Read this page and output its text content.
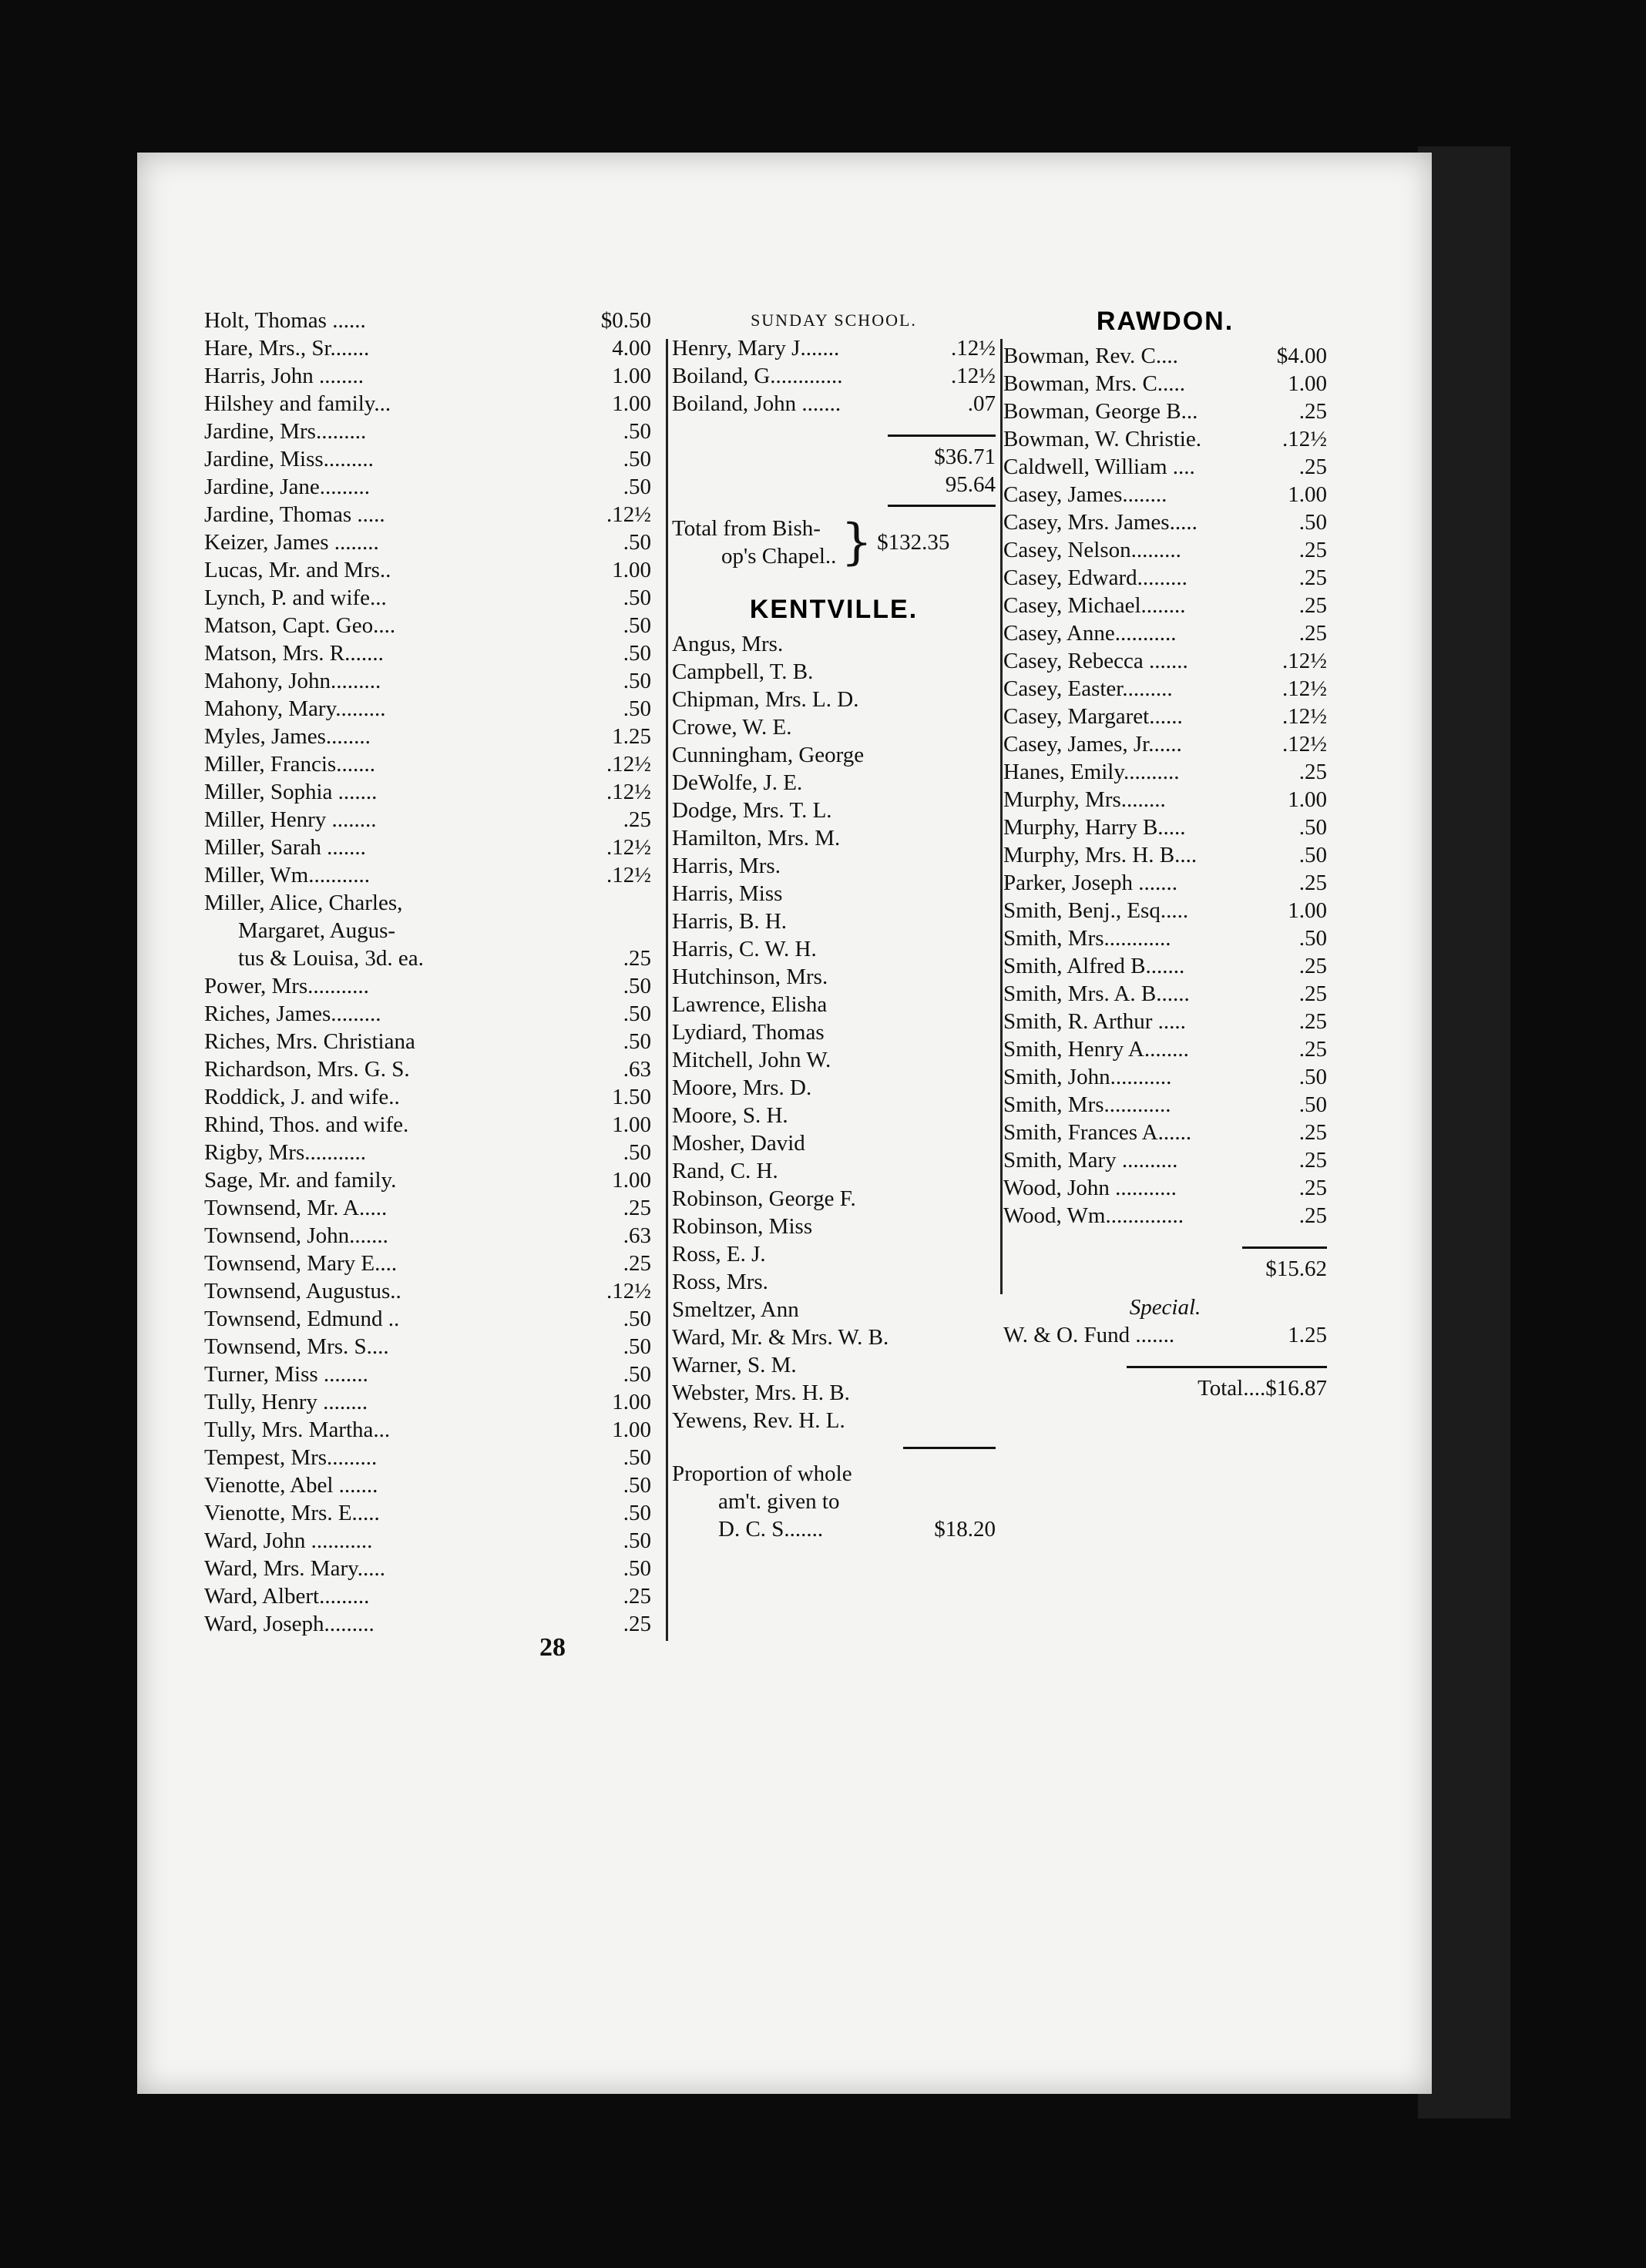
Holt, Thomas ......	$0.50
Hare, Mrs., Sr.......	4.00
Harris, John ........	1.00
Hilshey and family...	1.00
Jardine, Mrs.........	.50
Jardine, Miss.........	.50
Jardine, Jane.........	.50
Jardine, Thomas .....	.12½
Keizer, James ........	.50
Lucas, Mr. and Mrs..	1.00
Lynch, P. and wife...	.50
Matson, Capt. Geo....	.50
Matson, Mrs. R.......	.50
Mahony, John.........	.50
Mahony, Mary.........	.50
Myles, James........	1.25
Miller, Francis.......	.12½
Miller, Sophia .......	.12½
Miller, Henry ........	.25
Miller, Sarah .......	.12½
Miller, Wm...........	.12½
Miller, Alice, Charles,
Margaret, Augus-
tus & Louisa, 3d. ea.	.25
Power, Mrs...........	.50
Riches, James.........	.50
Riches, Mrs. Christiana	.50
Richardson, Mrs. G. S.	.63
Roddick, J. and wife..	1.50
Rhind, Thos. and wife.	1.00
Rigby, Mrs...........	.50
Sage, Mr. and family.	1.00
Townsend, Mr. A.....	.25
Townsend, John.......	.63
Townsend, Mary E....	.25
Townsend, Augustus..	.12½
Townsend, Edmund ..	.50
Townsend, Mrs. S....	.50
Turner, Miss ........	.50
Tully, Henry ........	1.00
Tully, Mrs. Martha...	1.00
Tempest, Mrs.........	.50
Vienotte, Abel .......	.50
Vienotte, Mrs. E.....	.50
Ward, John ...........	.50
Ward, Mrs. Mary.....	.50
Ward, Albert.........	.25
Ward, Joseph.........	.25
SUNDAY SCHOOL.
Henry, Mary J.......	.12½
Boiland, G.............	.12½
Boiland, John .......	.07
$36.71
95.64
Total from Bish-
op's Chapel.. } $132.35
KENTVILLE.
Angus, Mrs.
Campbell, T. B.
Chipman, Mrs. L. D.
Crowe, W. E.
Cunningham, George
DeWolfe, J. E.
Dodge, Mrs. T. L.
Hamilton, Mrs. M.
Harris, Mrs.
Harris, Miss
Harris, B. H.
Harris, C. W. H.
Hutchinson, Mrs.
Lawrence, Elisha
Lydiard, Thomas
Mitchell, John W.
Moore, Mrs. D.
Moore, S. H.
Mosher, David
Rand, C. H.
Robinson, George F.
Robinson, Miss
Ross, E. J.
Ross, Mrs.
Smeltzer, Ann
Ward, Mr. & Mrs. W. B.
Warner, S. M.
Webster, Mrs. H. B.
Yewens, Rev. H. L.
Proportion of whole
am't. given to
D. C. S.......	$18.20
RAWDON.
Bowman, Rev. C....	$4.00
Bowman, Mrs. C.....	1.00
Bowman, George B...	.25
Bowman, W. Christie.	.12½
Caldwell, William ....	.25
Casey, James........	1.00
Casey, Mrs. James.....	.50
Casey, Nelson.........	.25
Casey, Edward.........	.25
Casey, Michael........	.25
Casey, Anne...........	.25
Casey, Rebecca .......	.12½
Casey, Easter.........	.12½
Casey, Margaret......	.12½
Casey, James, Jr......	.12½
Hanes, Emily..........	.25
Murphy, Mrs........	1.00
Murphy, Harry B.....	.50
Murphy, Mrs. H. B....	.50
Parker, Joseph .......	.25
Smith, Benj., Esq.....	1.00
Smith, Mrs............	.50
Smith, Alfred B.......	.25
Smith, Mrs. A. B......	.25
Smith, R. Arthur .....	.25
Smith, Henry A........	.25
Smith, John...........	.50
Smith, Mrs............	.50
Smith, Frances A......	.25
Smith, Mary ..........	.25
Wood, John ...........	.25
Wood, Wm..............	.25
$15.62
Special.
W. & O. Fund .......	1.25
Total.... $16.87
28
